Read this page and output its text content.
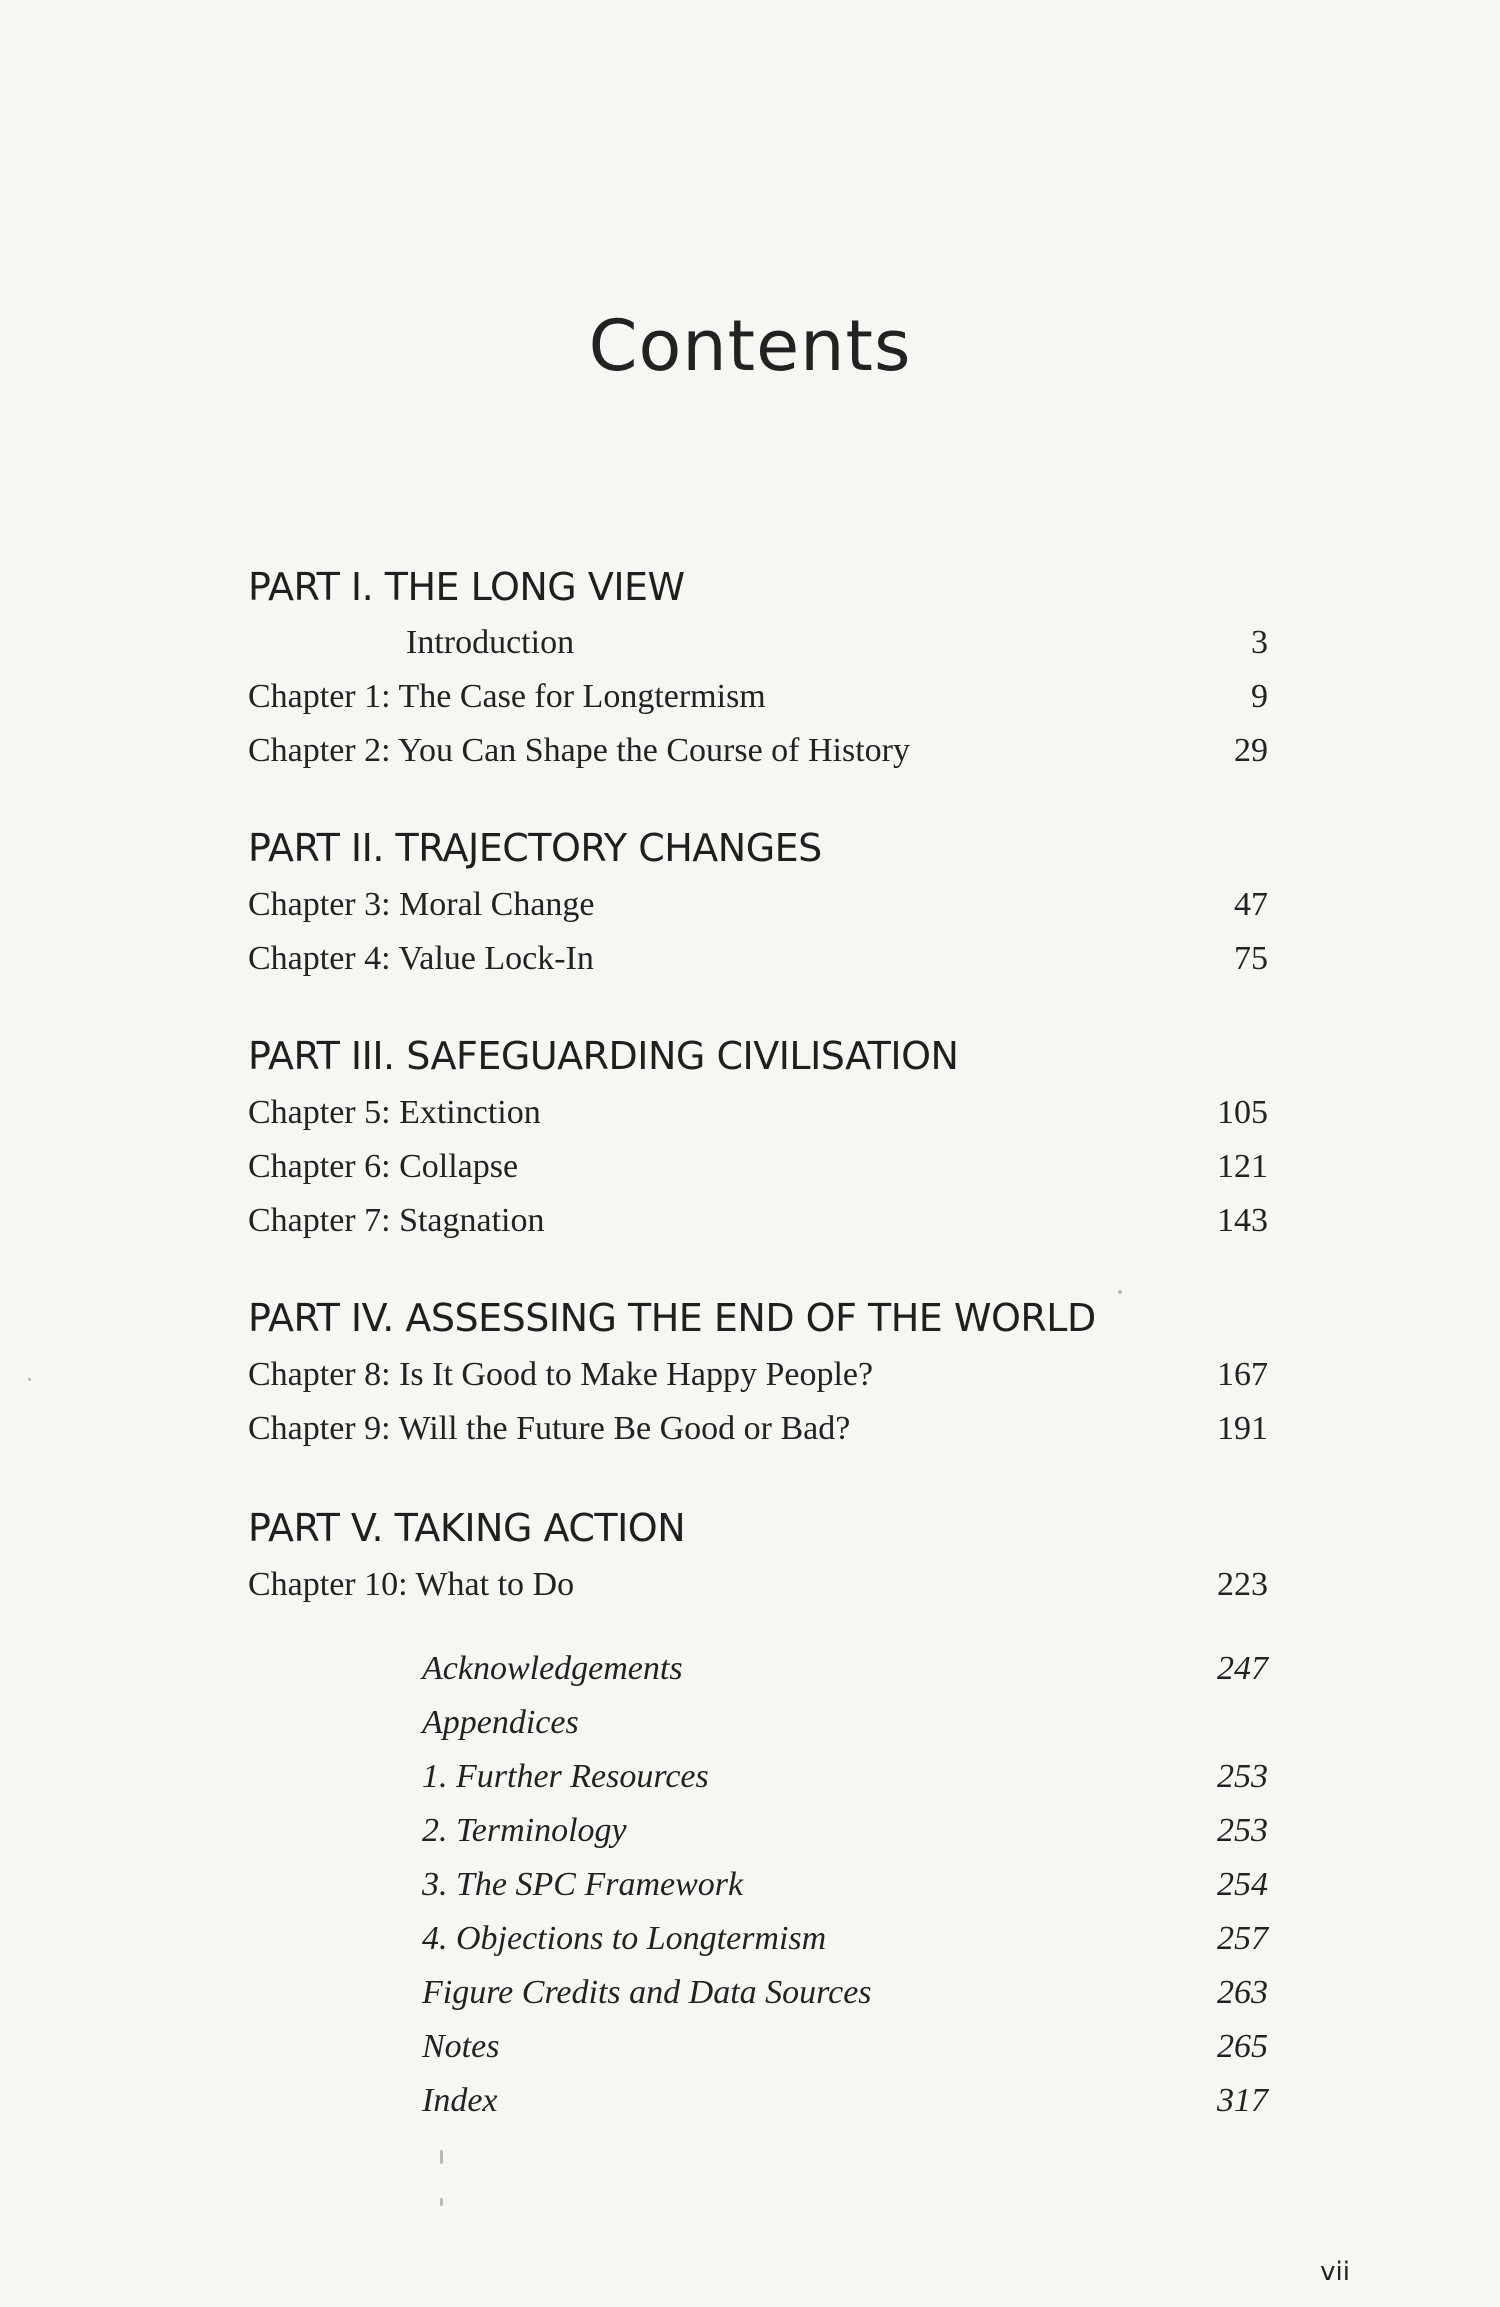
Contents
PART I. THE LONG VIEW
Introduction	3
Chapter 1: The Case for Longtermism	9
Chapter 2: You Can Shape the Course of History	29
PART II. TRAJECTORY CHANGES
Chapter 3: Moral Change	47
Chapter 4: Value Lock-In	75
PART III. SAFEGUARDING CIVILISATION
Chapter 5: Extinction	105
Chapter 6: Collapse	121
Chapter 7: Stagnation	143
PART IV. ASSESSING THE END OF THE WORLD
Chapter 8: Is It Good to Make Happy People?	167
Chapter 9: Will the Future Be Good or Bad?	191
PART V. TAKING ACTION
Chapter 10: What to Do	223
Acknowledgements	247
Appendices
1. Further Resources	253
2. Terminology	253
3. The SPC Framework	254
4. Objections to Longtermism	257
Figure Credits and Data Sources	263
Notes	265
Index	317
vii
